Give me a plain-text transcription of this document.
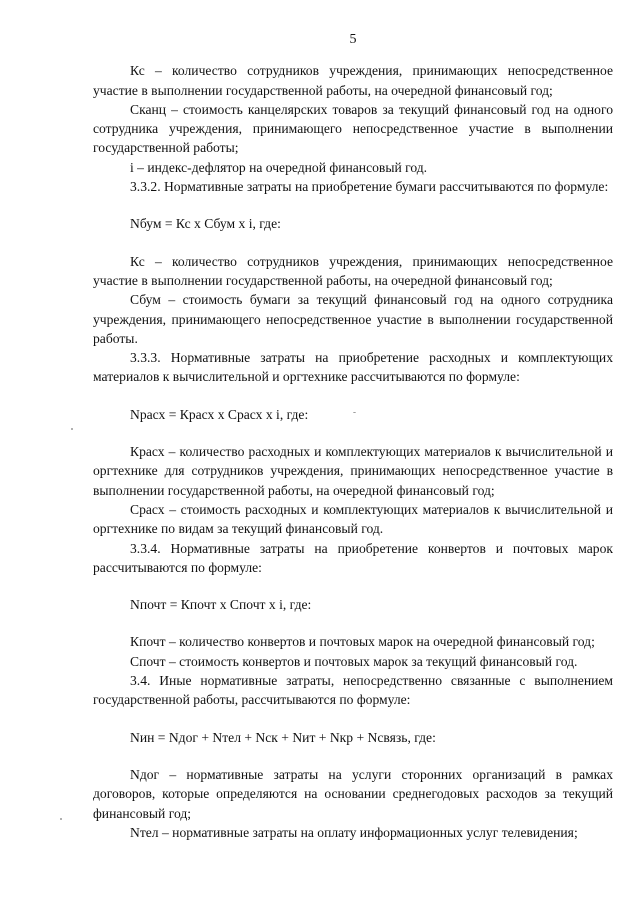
5

Кс – количество сотрудников учреждения, принимающих непосредственное участие в выполнении государственной работы, на очередной финансовый год;

Сканц – стоимость канцелярских товаров за текущий финансовый год на одного сотрудника учреждения, принимающего непосредственное участие в выполнении государственной работы;

i – индекс-дефлятор на очередной финансовый год.

3.3.2. Нормативные затраты на приобретение бумаги рассчитываются по формуле:

Nбум = Кс х Сбум х i, где:

Кс – количество сотрудников учреждения, принимающих непосредственное участие в выполнении государственной работы, на очередной финансовый год;

Сбум – стоимость бумаги за текущий финансовый год на одного сотрудника учреждения, принимающего непосредственное участие в выполнении государственной работы.

3.3.3. Нормативные затраты на приобретение расходных и комплектующих материалов к вычислительной и оргтехнике рассчитываются по формуле:

Nрасх = Красх х Срасх х i, где:

Красх – количество расходных и комплектующих материалов к вычислительной и оргтехнике для сотрудников учреждения, принимающих непосредственное участие в выполнении государственной работы, на очередной финансовый год;

Срасх – стоимость расходных и комплектующих материалов к вычислительной и оргтехнике по видам за текущий финансовый год.

3.3.4. Нормативные затраты на приобретение конвертов и почтовых марок рассчитываются по формуле:

Nпочт = Кпочт х Спочт х i, где:

Кпочт – количество конвертов и почтовых марок на очередной финансовый год;

Спочт – стоимость конвертов и почтовых марок за текущий финансовый год.

3.4. Иные нормативные затраты, непосредственно связанные с выполнением государственной работы, рассчитываются по формуле:

Nин = Nдог + Nтел + Nск + Nит + Nкр + Nсвязь, где:

Nдог – нормативные затраты на услуги сторонних организаций в рамках договоров, которые определяются на основании среднегодовых расходов за текущий финансовый год;

Nтел – нормативные затраты на оплату информационных услуг телевидения;
